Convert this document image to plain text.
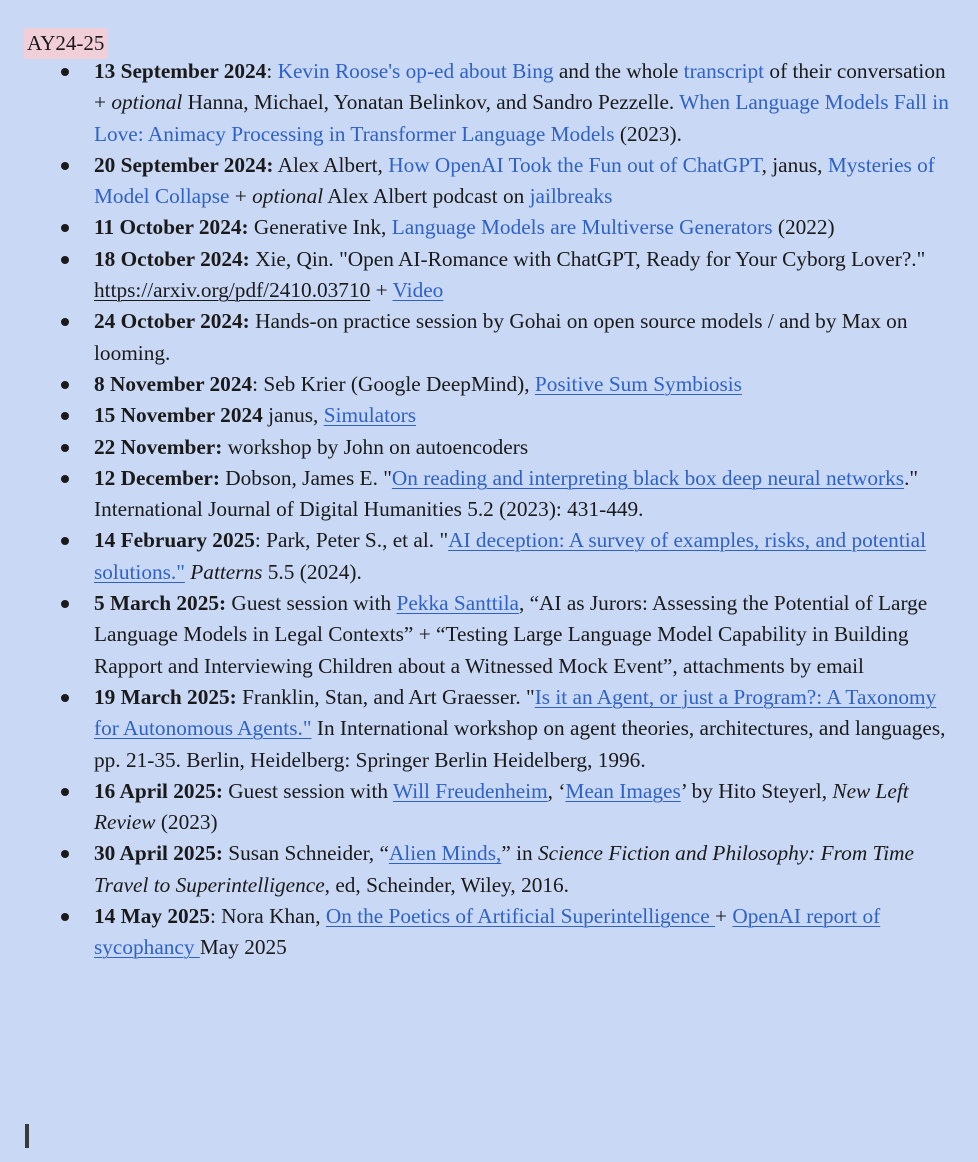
AY24-25
13 September 2024: Kevin Roose's op-ed about Bing and the whole transcript of their conversation + optional Hanna, Michael, Yonatan Belinkov, and Sandro Pezzelle. When Language Models Fall in Love: Animacy Processing in Transformer Language Models (2023).
20 September 2024: Alex Albert, How OpenAI Took the Fun out of ChatGPT, janus, Mysteries of Model Collapse + optional Alex Albert podcast on jailbreaks
11 October 2024: Generative Ink, Language Models are Multiverse Generators (2022)
18 October 2024: Xie, Qin. "Open AI-Romance with ChatGPT, Ready for Your Cyborg Lover?." https://arxiv.org/pdf/2410.03710 + Video
24 October 2024: Hands-on practice session by Gohai on open source models / and by Max on looming.
8 November 2024: Seb Krier (Google DeepMind), Positive Sum Symbiosis
15 November 2024 janus, Simulators
22 November: workshop by John on autoencoders
12 December: Dobson, James E. "On reading and interpreting black box deep neural networks." International Journal of Digital Humanities 5.2 (2023): 431-449.
14 February 2025: Park, Peter S., et al. "AI deception: A survey of examples, risks, and potential solutions." Patterns 5.5 (2024).
5 March 2025: Guest session with Pekka Santtila, “AI as Jurors: Assessing the Potential of Large Language Models in Legal Contexts” + “Testing Large Language Model Capability in Building Rapport and Interviewing Children about a Witnessed Mock Event”, attachments by email
19 March 2025: Franklin, Stan, and Art Graesser. "Is it an Agent, or just a Program?: A Taxonomy for Autonomous Agents." In International workshop on agent theories, architectures, and languages, pp. 21-35. Berlin, Heidelberg: Springer Berlin Heidelberg, 1996.
16 April 2025: Guest session with Will Freudenheim, ‘Mean Images’ by Hito Steyerl, New Left Review (2023)
30 April 2025: Susan Schneider, “Alien Minds,” in Science Fiction and Philosophy: From Time Travel to Superintelligence, ed, Scheinder, Wiley, 2016.
14 May 2025: Nora Khan, On the Poetics of Artificial Superintelligence + OpenAI report of sycophancy May 2025
